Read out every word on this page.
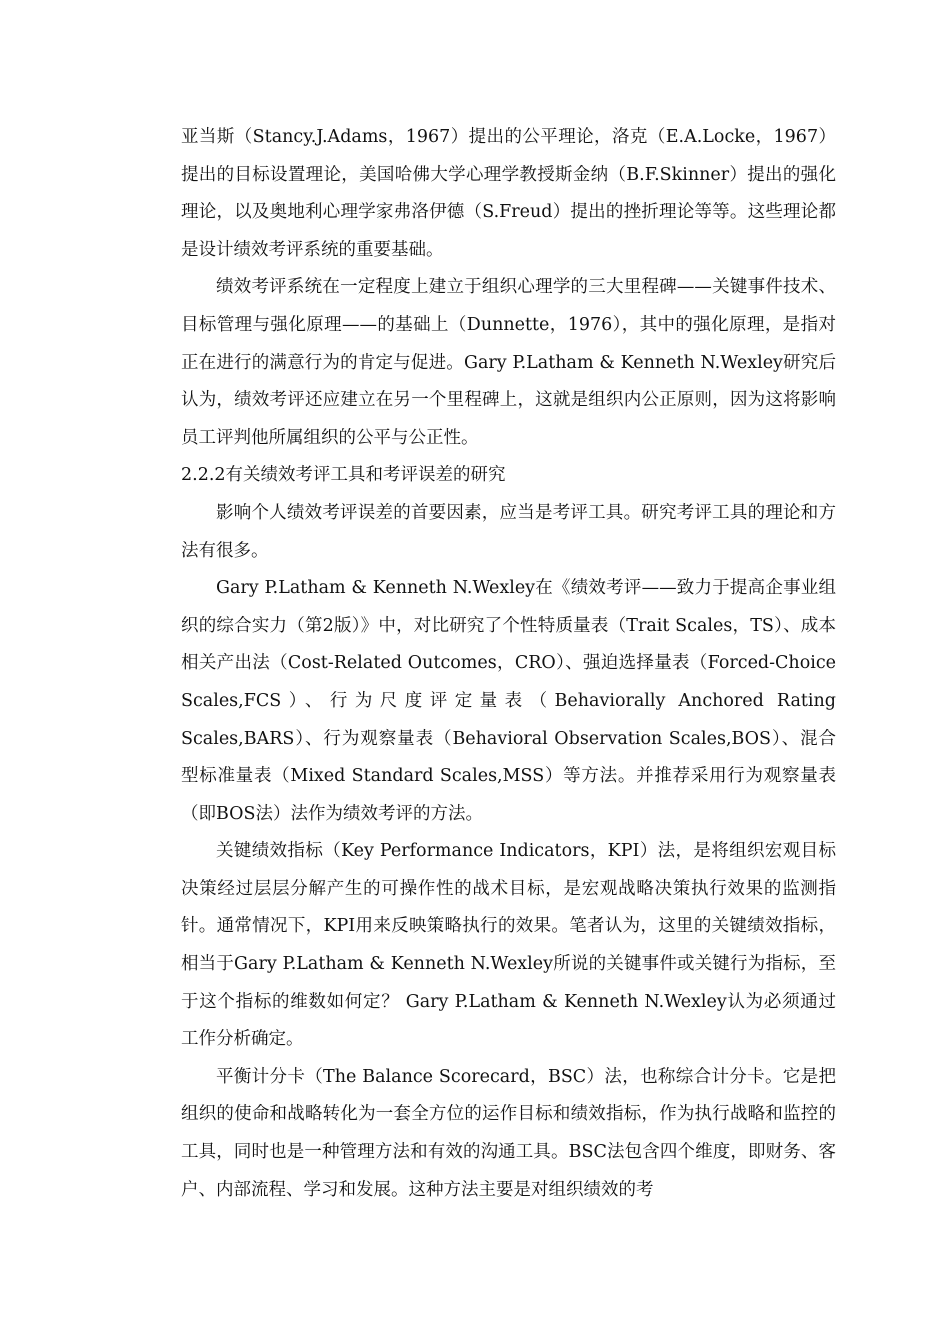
亚当斯（Stancy.J.Adams，1967）提出的公平理论，洛克（E.A.Locke，1967）提出的目标设置理论，美国哈佛大学心理学教授斯金纳（B.F.Skinner）提出的强化理论，以及奥地利心理学家弗洛伊德（S.Freud）提出的挫折理论等等。这些理论都是设计绩效考评系统的重要基础。

绩效考评系统在一定程度上建立于组织心理学的三大里程碑——关键事件技术、目标管理与强化原理——的基础上（Dunnette，1976），其中的强化原理，是指对正在进行的满意行为的肯定与促进。Gary P.Latham & Kenneth N.Wexley研究后认为，绩效考评还应建立在另一个里程碑上，这就是组织内公正原则，因为这将影响员工评判他所属组织的公平与公正性。

2.2.2有关绩效考评工具和考评误差的研究

影响个人绩效考评误差的首要因素，应当是考评工具。研究考评工具的理论和方法有很多。

Gary P.Latham & Kenneth N.Wexley在《绩效考评——致力于提高企事业组织的综合实力（第2版）》中，对比研究了个性特质量表（Trait Scales，TS）、成本相关产出法（Cost-Related Outcomes，CRO）、强迫选择量表（Forced-Choice Scales,FCS）、行为尺度评定量表（Behaviorally Anchored Rating Scales,BARS）、行为观察量表（Behavioral Observation Scales,BOS）、混合型标准量表（Mixed Standard Scales,MSS）等方法。并推荐采用行为观察量表（即BOS法）法作为绩效考评的方法。

关键绩效指标（Key Performance Indicators，KPI）法，是将组织宏观目标决策经过层层分解产生的可操作性的战术目标，是宏观战略决策执行效果的监测指针。通常情况下，KPI用来反映策略执行的效果。笔者认为，这里的关键绩效指标，相当于Gary P.Latham & Kenneth N.Wexley所说的关键事件或关键行为指标，至于这个指标的维数如何定？ Gary P.Latham & Kenneth N.Wexley认为必须通过工作分析确定。

平衡计分卡（The Balance Scorecard，BSC）法，也称综合计分卡。它是把组织的使命和战略转化为一套全方位的运作目标和绩效指标，作为执行战略和监控的工具，同时也是一种管理方法和有效的沟通工具。BSC法包含四个维度，即财务、客户、内部流程、学习和发展。这种方法主要是对组织绩效的考
